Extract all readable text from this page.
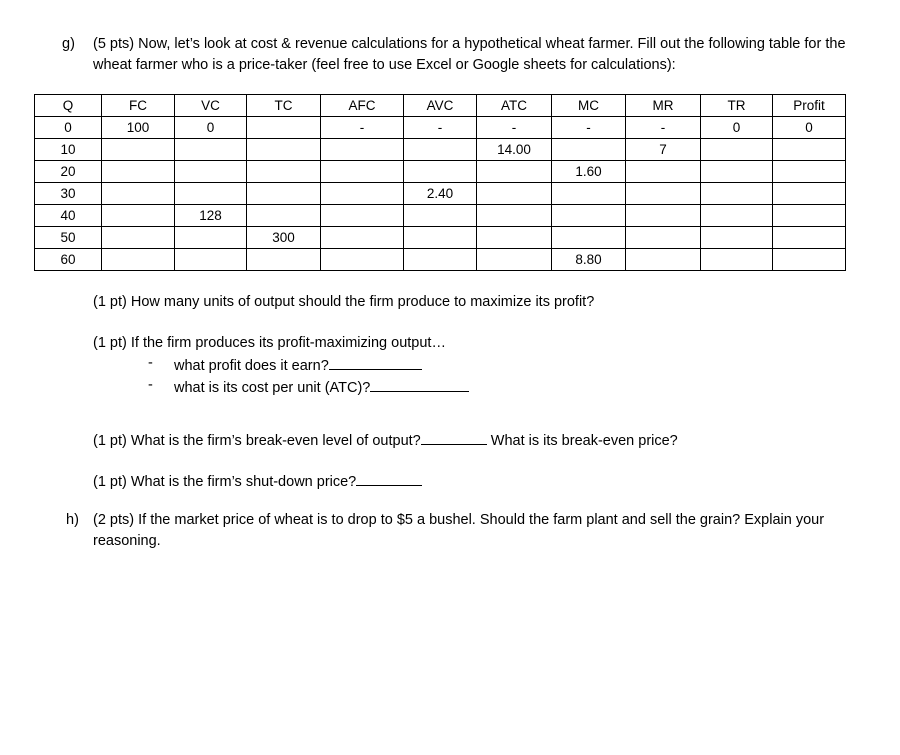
g) (5 pts) Now, let’s look at cost & revenue calculations for a hypothetical wheat farmer. Fill out the following table for the wheat farmer who is a price-taker (feel free to use Excel or Google sheets for calculations):
Q	FC	VC	TC	AFC	AVC	ATC	MC	MR	TR	Profit
0	100	0		-	-	-	-	-	0	0
10						14.00		7		
20							1.60			
30					2.40					
40		128								
50			300							
60							8.80			
(1 pt) How many units of output should the firm produce to maximize its profit?
(1 pt) If the firm produces its profit-maximizing output…
- what profit does it earn?
- what is its cost per unit (ATC)?
(1 pt) What is the firm’s break-even level of output?	What is its break-even price?
(1 pt) What is the firm’s shut-down price?
h) (2 pts) If the market price of wheat is to drop to $5 a bushel. Should the farm plant and sell the grain? Explain your reasoning.
